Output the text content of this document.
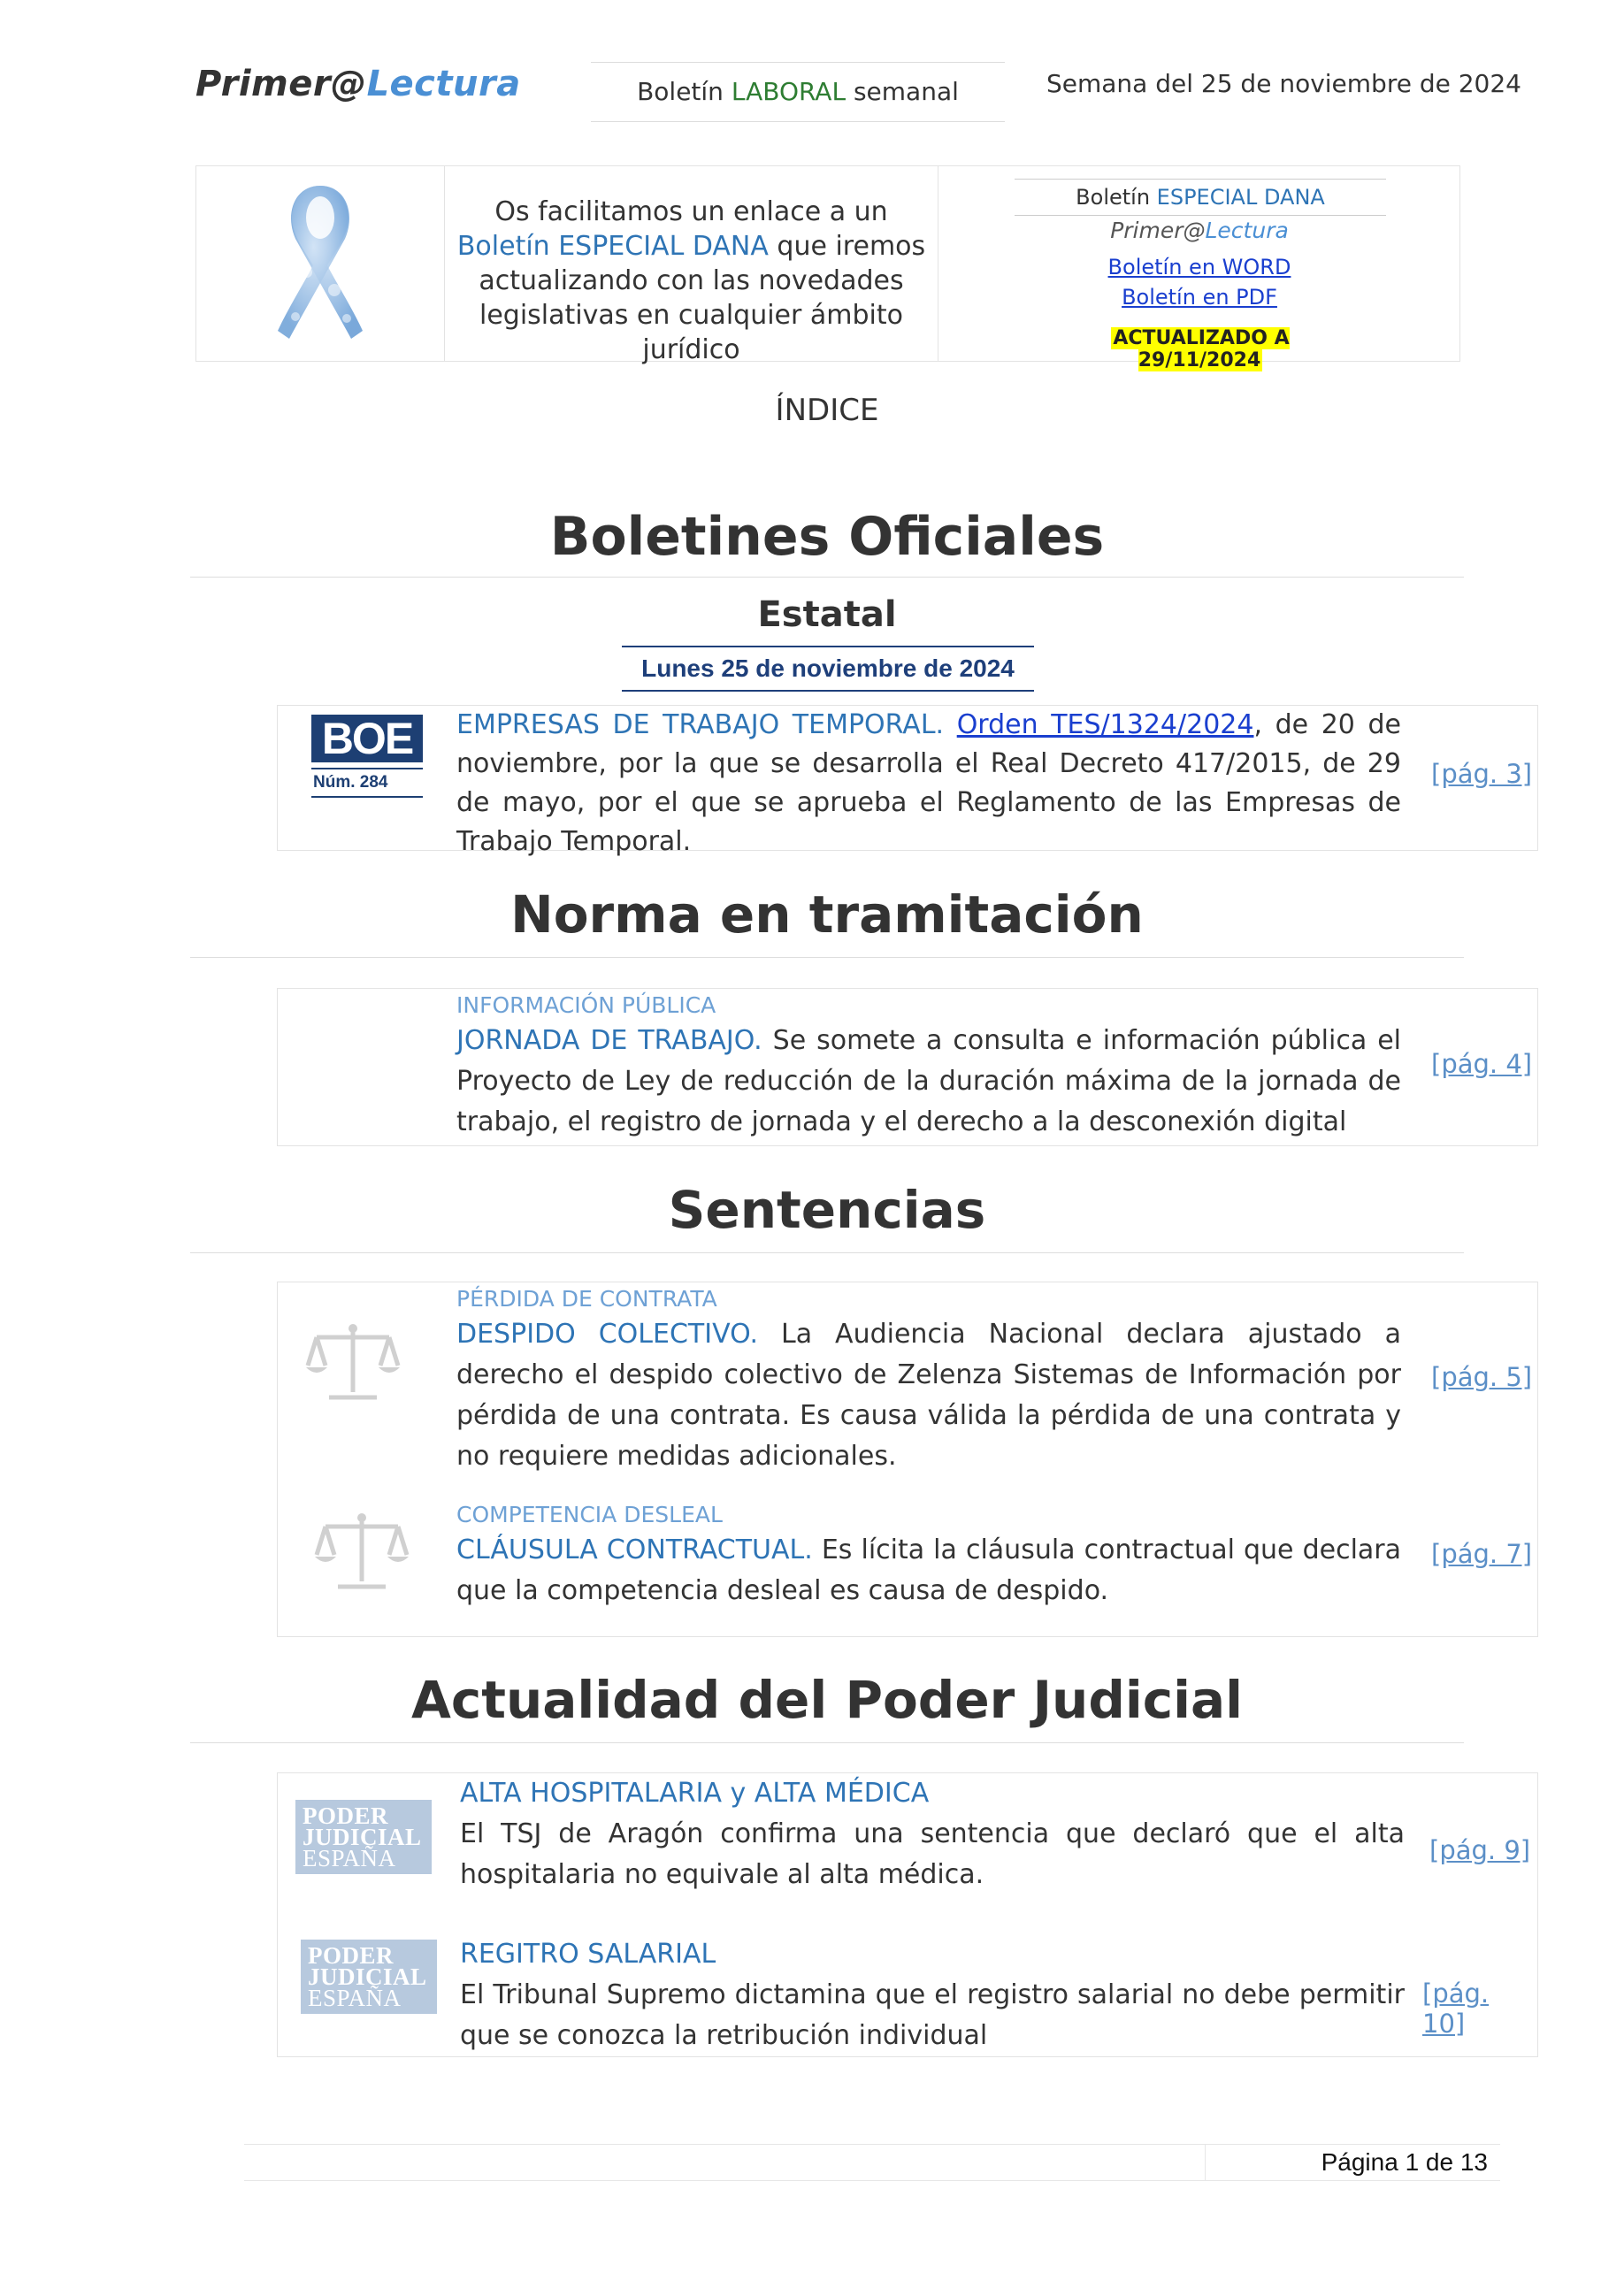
Primer@Lectura	Boletín LABORAL semanal	Semana del 25 de noviembre de 2024
Os facilitamos un enlace a un Boletín ESPECIAL DANA que iremos actualizando con las novedades legislativas en cualquier ámbito jurídico
Boletín ESPECIAL DANA
Primer@Lectura
Boletín en WORD
Boletín en PDF
ACTUALIZADO A 29/11/2024
ÍNDICE
Boletines Oficiales
Estatal
Lunes 25 de noviembre de 2024
BOE
Núm. 284
EMPRESAS DE TRABAJO TEMPORAL. Orden TES/1324/2024, de 20 de noviembre, por la que se desarrolla el Real Decreto 417/2015, de 29 de mayo, por el que se aprueba el Reglamento de las Empresas de Trabajo Temporal.
[pág. 3]
Norma en tramitación
INFORMACIÓN PÚBLICA
JORNADA DE TRABAJO. Se somete a consulta e información pública el Proyecto de Ley de reducción de la duración máxima de la jornada de trabajo, el registro de jornada y el derecho a la desconexión digital
[pág. 4]
Sentencias
PÉRDIDA DE CONTRATA
DESPIDO COLECTIVO. La Audiencia Nacional declara ajustado a derecho el despido colectivo de Zelenza Sistemas de Información por pérdida de una contrata. Es causa válida la pérdida de una contrata y no requiere medidas adicionales.
[pág. 5]
COMPETENCIA DESLEAL
CLÁUSULA CONTRACTUAL. Es lícita la cláusula contractual que declara que la competencia desleal es causa de despido.
[pág. 7]
Actualidad del Poder Judicial
PODER
JUDICIAL
ESPAÑA
ALTA HOSPITALARIA y ALTA MÉDICA
El TSJ de Aragón confirma una sentencia que declaró que el alta hospitalaria no equivale al alta médica.
[pág. 9]
PODER
JUDICIAL
ESPAÑA
REGITRO SALARIAL
El Tribunal Supremo dictamina que el registro salarial no debe permitir que se conozca la retribución individual
[pág. 10]
Página 1 de 13
